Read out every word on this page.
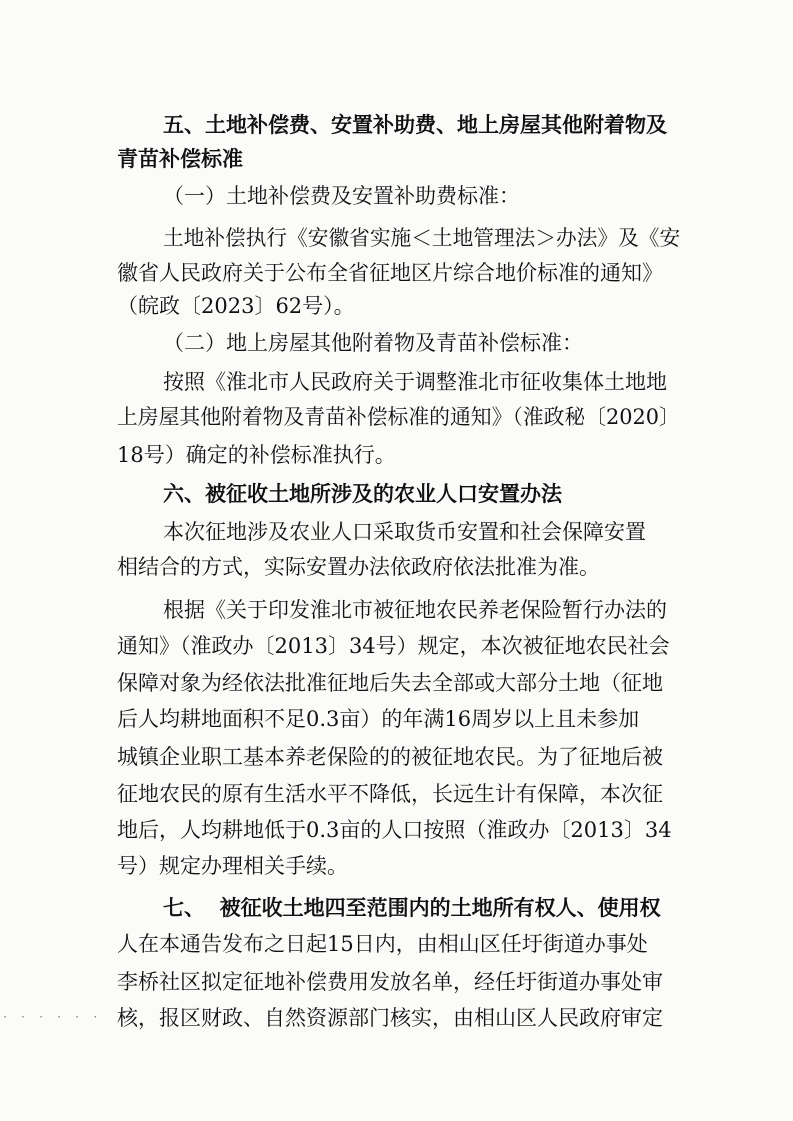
五、土地补偿费、安置补助费、地上房屋其他附着物及
青苗补偿标准
（一）土地补偿费及安置补助费标准：
土地补偿执行《安徽省实施＜土地管理法＞办法》及《安
徽省人民政府关于公布全省征地区片综合地价标准的通知》
（皖政〔2023〕62号）。
（二）地上房屋其他附着物及青苗补偿标准：
按照《淮北市人民政府关于调整淮北市征收集体土地地
上房屋其他附着物及青苗补偿标准的通知》（淮政秘〔2020〕
18号）确定的补偿标准执行。
六、被征收土地所涉及的农业人口安置办法
本次征地涉及农业人口采取货币安置和社会保障安置
相结合的方式，实际安置办法依政府依法批准为准。
根据《关于印发淮北市被征地农民养老保险暂行办法的
通知》（淮政办〔2013〕34号）规定，本次被征地农民社会
保障对象为经依法批准征地后失去全部或大部分土地（征地
后人均耕地面积不足0.3亩）的年满16周岁以上且未参加
城镇企业职工基本养老保险的的被征地农民。为了征地后被
征地农民的原有生活水平不降低，长远生计有保障，本次征
地后，人均耕地低于0.3亩的人口按照（淮政办〔2013〕34
号）规定办理相关手续。
七、  被征收土地四至范围内的土地所有权人、使用权
人在本通告发布之日起15日内，由相山区任圩街道办事处
李桥社区拟定征地补偿费用发放名单，经任圩街道办事处审
核，报区财政、自然资源部门核实，由相山区人民政府审定
· · · · · ·
